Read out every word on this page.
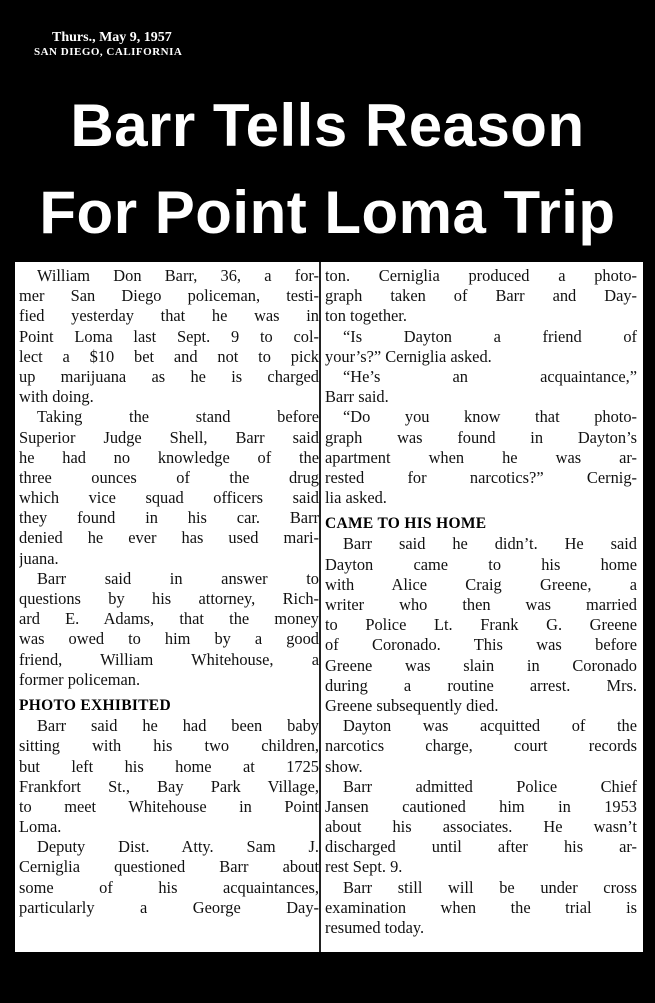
Thurs., May 9, 1957
SAN DIEGO, CALIFORNIA
Barr Tells Reason
For Point Loma Trip
William Don Barr, 36, a for-
mer San Diego policeman, testi-
fied yesterday that he was in
Point Loma last Sept. 9 to col-
lect a $10 bet and not to pick
up marijuana as he is charged
with doing.
Taking the stand before
Superior Judge Shell, Barr said
he had no knowledge of the
three ounces of the drug
which vice squad officers said
they found in his car. Barr
denied he ever has used mari-
juana.
Barr said in answer to
questions by his attorney, Rich-
ard E. Adams, that the money
was owed to him by a good
friend, William Whitehouse, a
former policeman.
PHOTO EXHIBITED
Barr said he had been baby
sitting with his two children,
but left his home at 1725
Frankfort St., Bay Park Village,
to meet Whitehouse in Point
Loma.
Deputy Dist. Atty. Sam J.
Cerniglia questioned Barr about
some of his acquaintances,
particularly a George Day-
ton. Cerniglia produced a photo-
graph taken of Barr and Day-
ton together.
“Is Dayton a friend of
your’s?” Cerniglia asked.
“He’s an acquaintance,”
Barr said.
“Do you know that photo-
graph was found in Dayton’s
apartment when he was ar-
rested for narcotics?” Cernig-
lia asked.
CAME TO HIS HOME
Barr said he didn’t. He said
Dayton came to his home
with Alice Craig Greene, a
writer who then was married
to Police Lt. Frank G. Greene
of Coronado. This was before
Greene was slain in Coronado
during a routine arrest. Mrs.
Greene subsequently died.
Dayton was acquitted of the
narcotics charge, court records
show.
Barr admitted Police Chief
Jansen cautioned him in 1953
about his associates. He wasn’t
discharged until after his ar-
rest Sept. 9.
Barr still will be under cross
examination when the trial is
resumed today.
